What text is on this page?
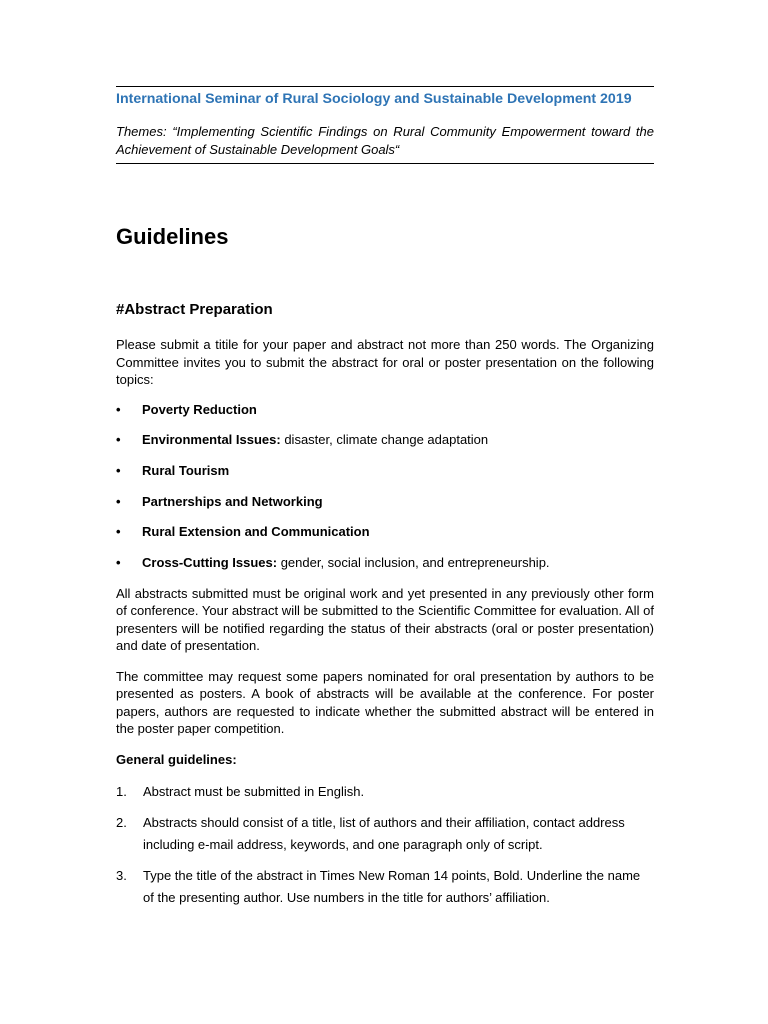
International Seminar of Rural Sociology and Sustainable Development 2019
Themes: “Implementing Scientific Findings on Rural Community Empowerment toward the Achievement of Sustainable Development Goals“
Guidelines
#Abstract Preparation

Please submit a titile for your paper and abstract not more than 250 words. The Organizing Committee invites you to submit the abstract for oral or poster presentation on the following topics:

• Poverty Reduction
• Environmental Issues: disaster, climate change adaptation
• Rural Tourism
• Partnerships and Networking
• Rural Extension and Communication
• Cross-Cutting Issues: gender, social inclusion, and entrepreneurship.

All abstracts submitted must be original work and yet presented in any previously other form of conference. Your abstract will be submitted to the Scientific Committee for evaluation. All of presenters will be notified regarding the status of their abstracts (oral or poster presentation) and date of presentation.

The committee may request some papers nominated for oral presentation by authors to be presented as posters. A book of abstracts will be available at the conference. For poster papers, authors are requested to indicate whether the submitted abstract will be entered in the poster paper competition.

General guidelines:
1. Abstract must be submitted in English.
2. Abstracts should consist of a title, list of authors and their affiliation, contact address including e-mail address, keywords, and one paragraph only of script.
3. Type the title of the abstract in Times New Roman 14 points, Bold. Underline the name of the presenting author. Use numbers in the title for authors’ affiliation.
